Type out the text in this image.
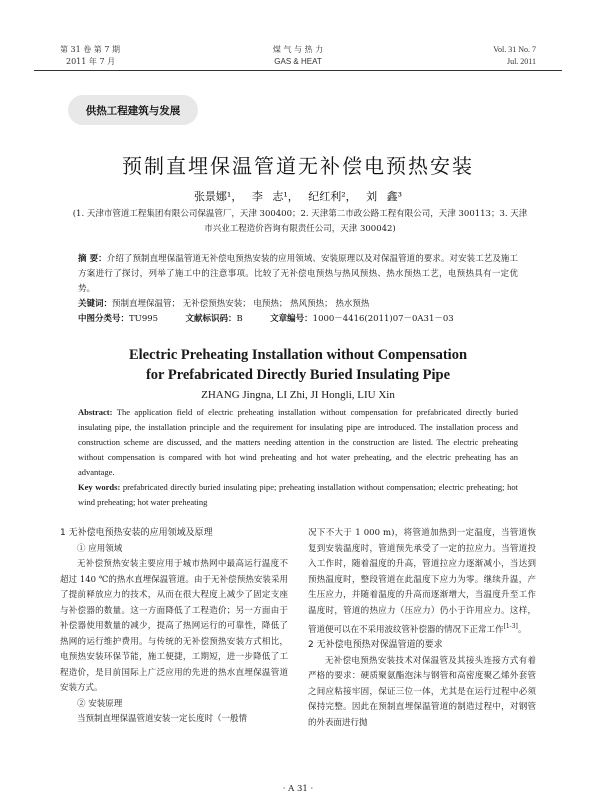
第 31 卷 第 7 期
2011 年 7 月
煤 气 与 热 力
GAS & HEAT
Vol. 31 No. 7
Jul. 2011
供热工程建筑与发展
预制直埋保温管道无补偿电预热安装
张景娜¹， 李 志¹， 纪红利²， 刘 鑫³
(1. 天津市管道工程集团有限公司保温管厂，天津 300400；2. 天津第二市政公路工程有限公司，天津 300113；3. 天津市兴业工程造价咨询有限责任公司，天津 300042)
摘 要：介绍了预制直埋保温管道无补偿电预热安装的应用领域、安装原理以及对保温管道的要求。对安装工艺及施工方案进行了探讨，列举了施工中的注意事项。比较了无补偿电预热与热风预热、热水预热工艺，电预热具有一定优势。
关键词：预制直埋保温管； 无补偿预热安装； 电预热； 热风预热； 热水预热
中图分类号：TU995	文献标识码：B	文章编号：1000－4416(2011)07－0A31－03
Electric Preheating Installation without Compensation
for Prefabricated Directly Buried Insulating Pipe
ZHANG Jingna, LI Zhi, JI Hongli, LIU Xin
Abstract: The application field of electric preheating installation without compensation for prefabricated directly buried insulating pipe, the installation principle and the requirement for insulating pipe are introduced. The installation process and construction scheme are discussed, and the matters needing attention in the construction are listed. The electric preheating without compensation is compared with hot wind preheating and hot water preheating, and the electric preheating has an advantage.
Key words: prefabricated directly buried insulating pipe; preheating installation without compensation; electric preheating; hot wind preheating; hot water preheating

1 无补偿电预热安装的应用领域及原理

① 应用领域

无补偿预热安装主要应用于城市热网中最高运行温度不超过 140 ℃的热水直埋保温管道。由于无补偿预热安装采用了提前释放应力的技术，从而在很大程度上减少了固定支座与补偿器的数量。这一方面降低了工程造价；另一方面由于补偿器使用数量的减少，提高了热网运行的可靠性，降低了热网的运行维护费用。与传统的无补偿预热安装方式相比，电预热安装环保节能，施工便捷，工期短，进一步降低了工程造价，是目前国际上广泛应用的先进的热水直埋保温管道安装方式。

② 安装原理

当预制直埋保温管道安装一定长度时（一般情

况下不大于 1 000 m)，将管道加热到一定温度，当管道恢复到安装温度时，管道预先承受了一定的拉应力。当管道投入工作时，随着温度的升高，管道拉应力逐渐减小，当达到预热温度时，整段管道在此温度下应力为零。继续升温，产生压应力，并随着温度的升高而逐渐增大，当温度升至工作温度时，管道的热应力（压应力）仍小于许用应力。这样，管道便可以在不采用波纹管补偿器的情况下正常工作[1-3]。

2 无补偿电预热对保温管道的要求

无补偿电预热安装技术对保温管及其接头连接方式有着严格的要求：硬质聚氨酯泡沫与钢管和高密度聚乙烯外套管之间应粘接牢固，保证三位一体，尤其是在运行过程中必须保持完整。因此在预制直埋保温管道的制造过程中，对钢管的外表面进行抛

· A 31 ·
